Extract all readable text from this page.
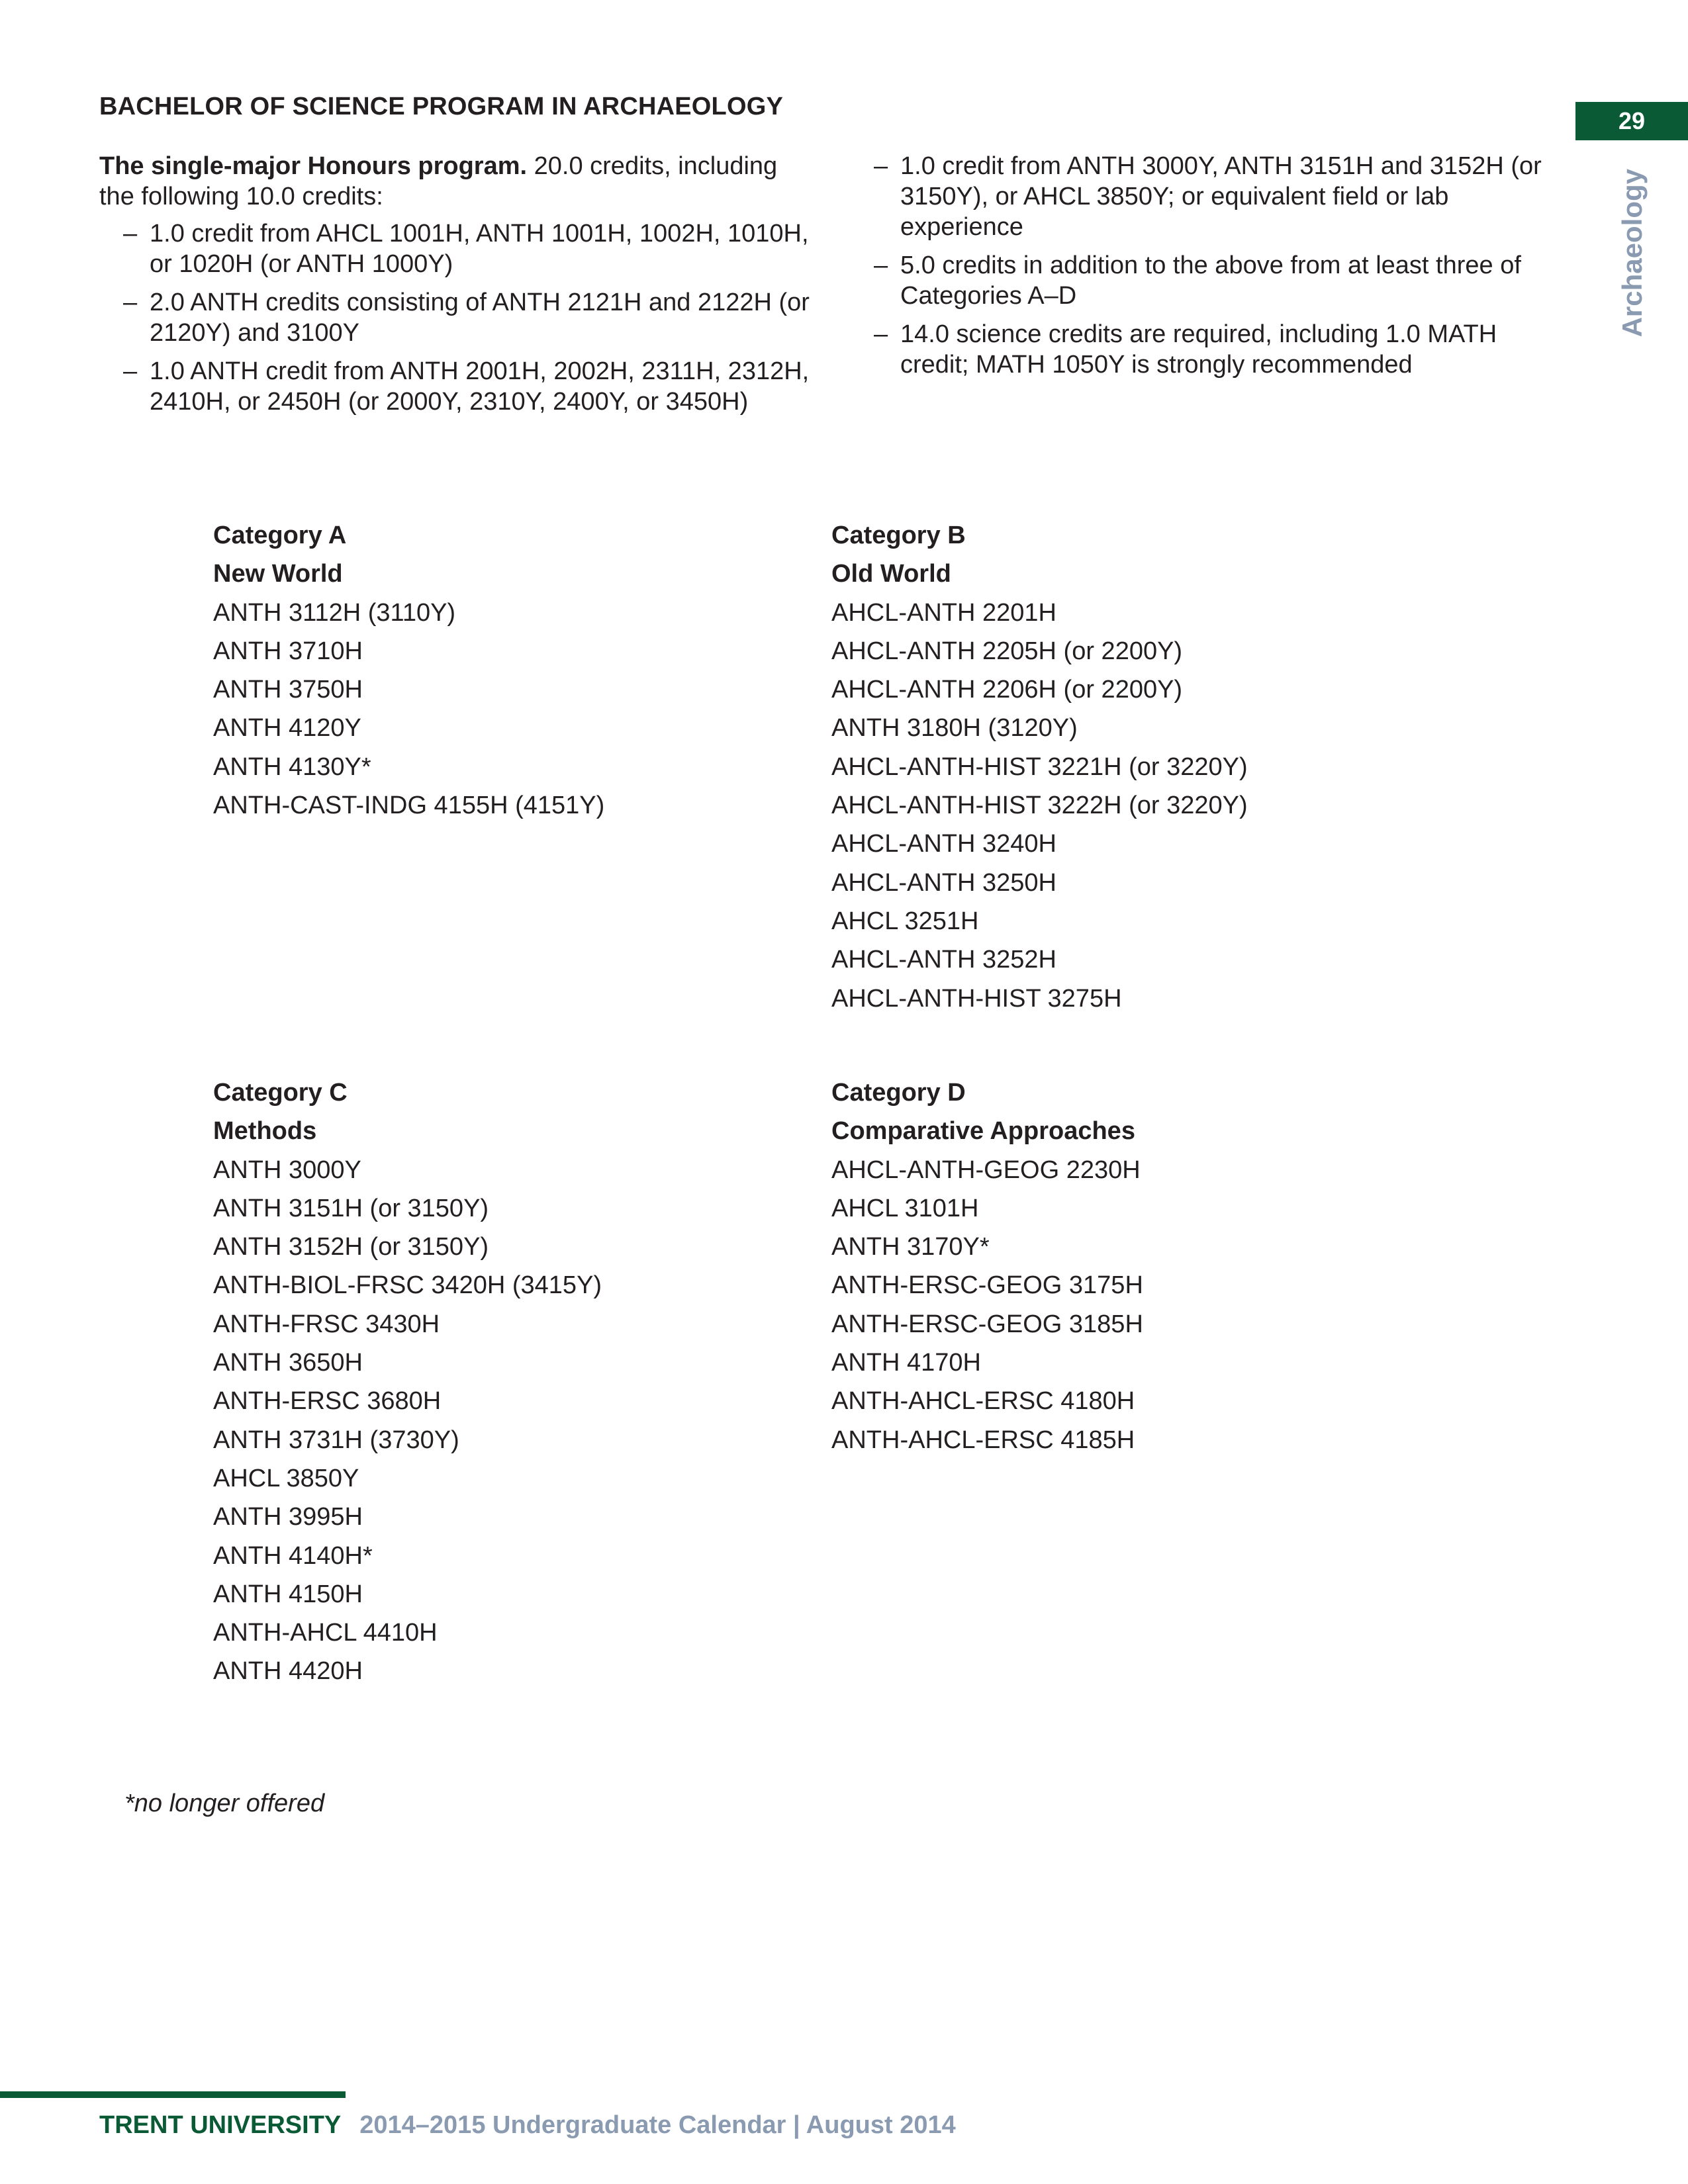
BACHELOR OF SCIENCE PROGRAM IN ARCHAEOLOGY
29
Archaeology

The single-major Honours program. 20.0 credits, including the following 10.0 credits:

– 1.0 credit from AHCL 1001H, ANTH 1001H, 1002H, 1010H, or 1020H (or ANTH 1000Y)
– 2.0 ANTH credits consisting of ANTH 2121H and 2122H (or 2120Y) and 3100Y
– 1.0 ANTH credit from ANTH 2001H, 2002H, 2311H, 2312H, 2410H, or 2450H (or 2000Y, 2310Y, 2400Y, or 3450H)
– 1.0 credit from ANTH 3000Y, ANTH 3151H and 3152H (or 3150Y), or AHCL 3850Y; or equivalent field or lab experience
– 5.0 credits in addition to the above from at least three of Categories A–D
– 14.0 science credits are required, including 1.0 MATH credit; MATH 1050Y is strongly recommended
Category A
New World
ANTH 3112H (3110Y)
ANTH 3710H
ANTH 3750H
ANTH 4120Y
ANTH 4130Y*
ANTH-CAST-INDG 4155H (4151Y)
Category B
Old World
AHCL-ANTH 2201H
AHCL-ANTH 2205H (or 2200Y)
AHCL-ANTH 2206H (or 2200Y)
ANTH 3180H (3120Y)
AHCL-ANTH-HIST 3221H (or 3220Y)
AHCL-ANTH-HIST 3222H (or 3220Y)
AHCL-ANTH 3240H
AHCL-ANTH 3250H
AHCL 3251H
AHCL-ANTH 3252H
AHCL-ANTH-HIST 3275H
Category C
Methods
ANTH 3000Y
ANTH 3151H (or 3150Y)
ANTH 3152H (or 3150Y)
ANTH-BIOL-FRSC 3420H (3415Y)
ANTH-FRSC 3430H
ANTH 3650H
ANTH-ERSC 3680H
ANTH 3731H (3730Y)
AHCL 3850Y
ANTH 3995H
ANTH 4140H*
ANTH 4150H
ANTH-AHCL 4410H
ANTH 4420H
Category D
Comparative Approaches
AHCL-ANTH-GEOG 2230H
AHCL 3101H
ANTH 3170Y*
ANTH-ERSC-GEOG 3175H
ANTH-ERSC-GEOG 3185H
ANTH 4170H
ANTH-AHCL-ERSC 4180H
ANTH-AHCL-ERSC 4185H
*no longer offered
TRENT UNIVERSITY 2014–2015 Undergraduate Calendar | August 2014
